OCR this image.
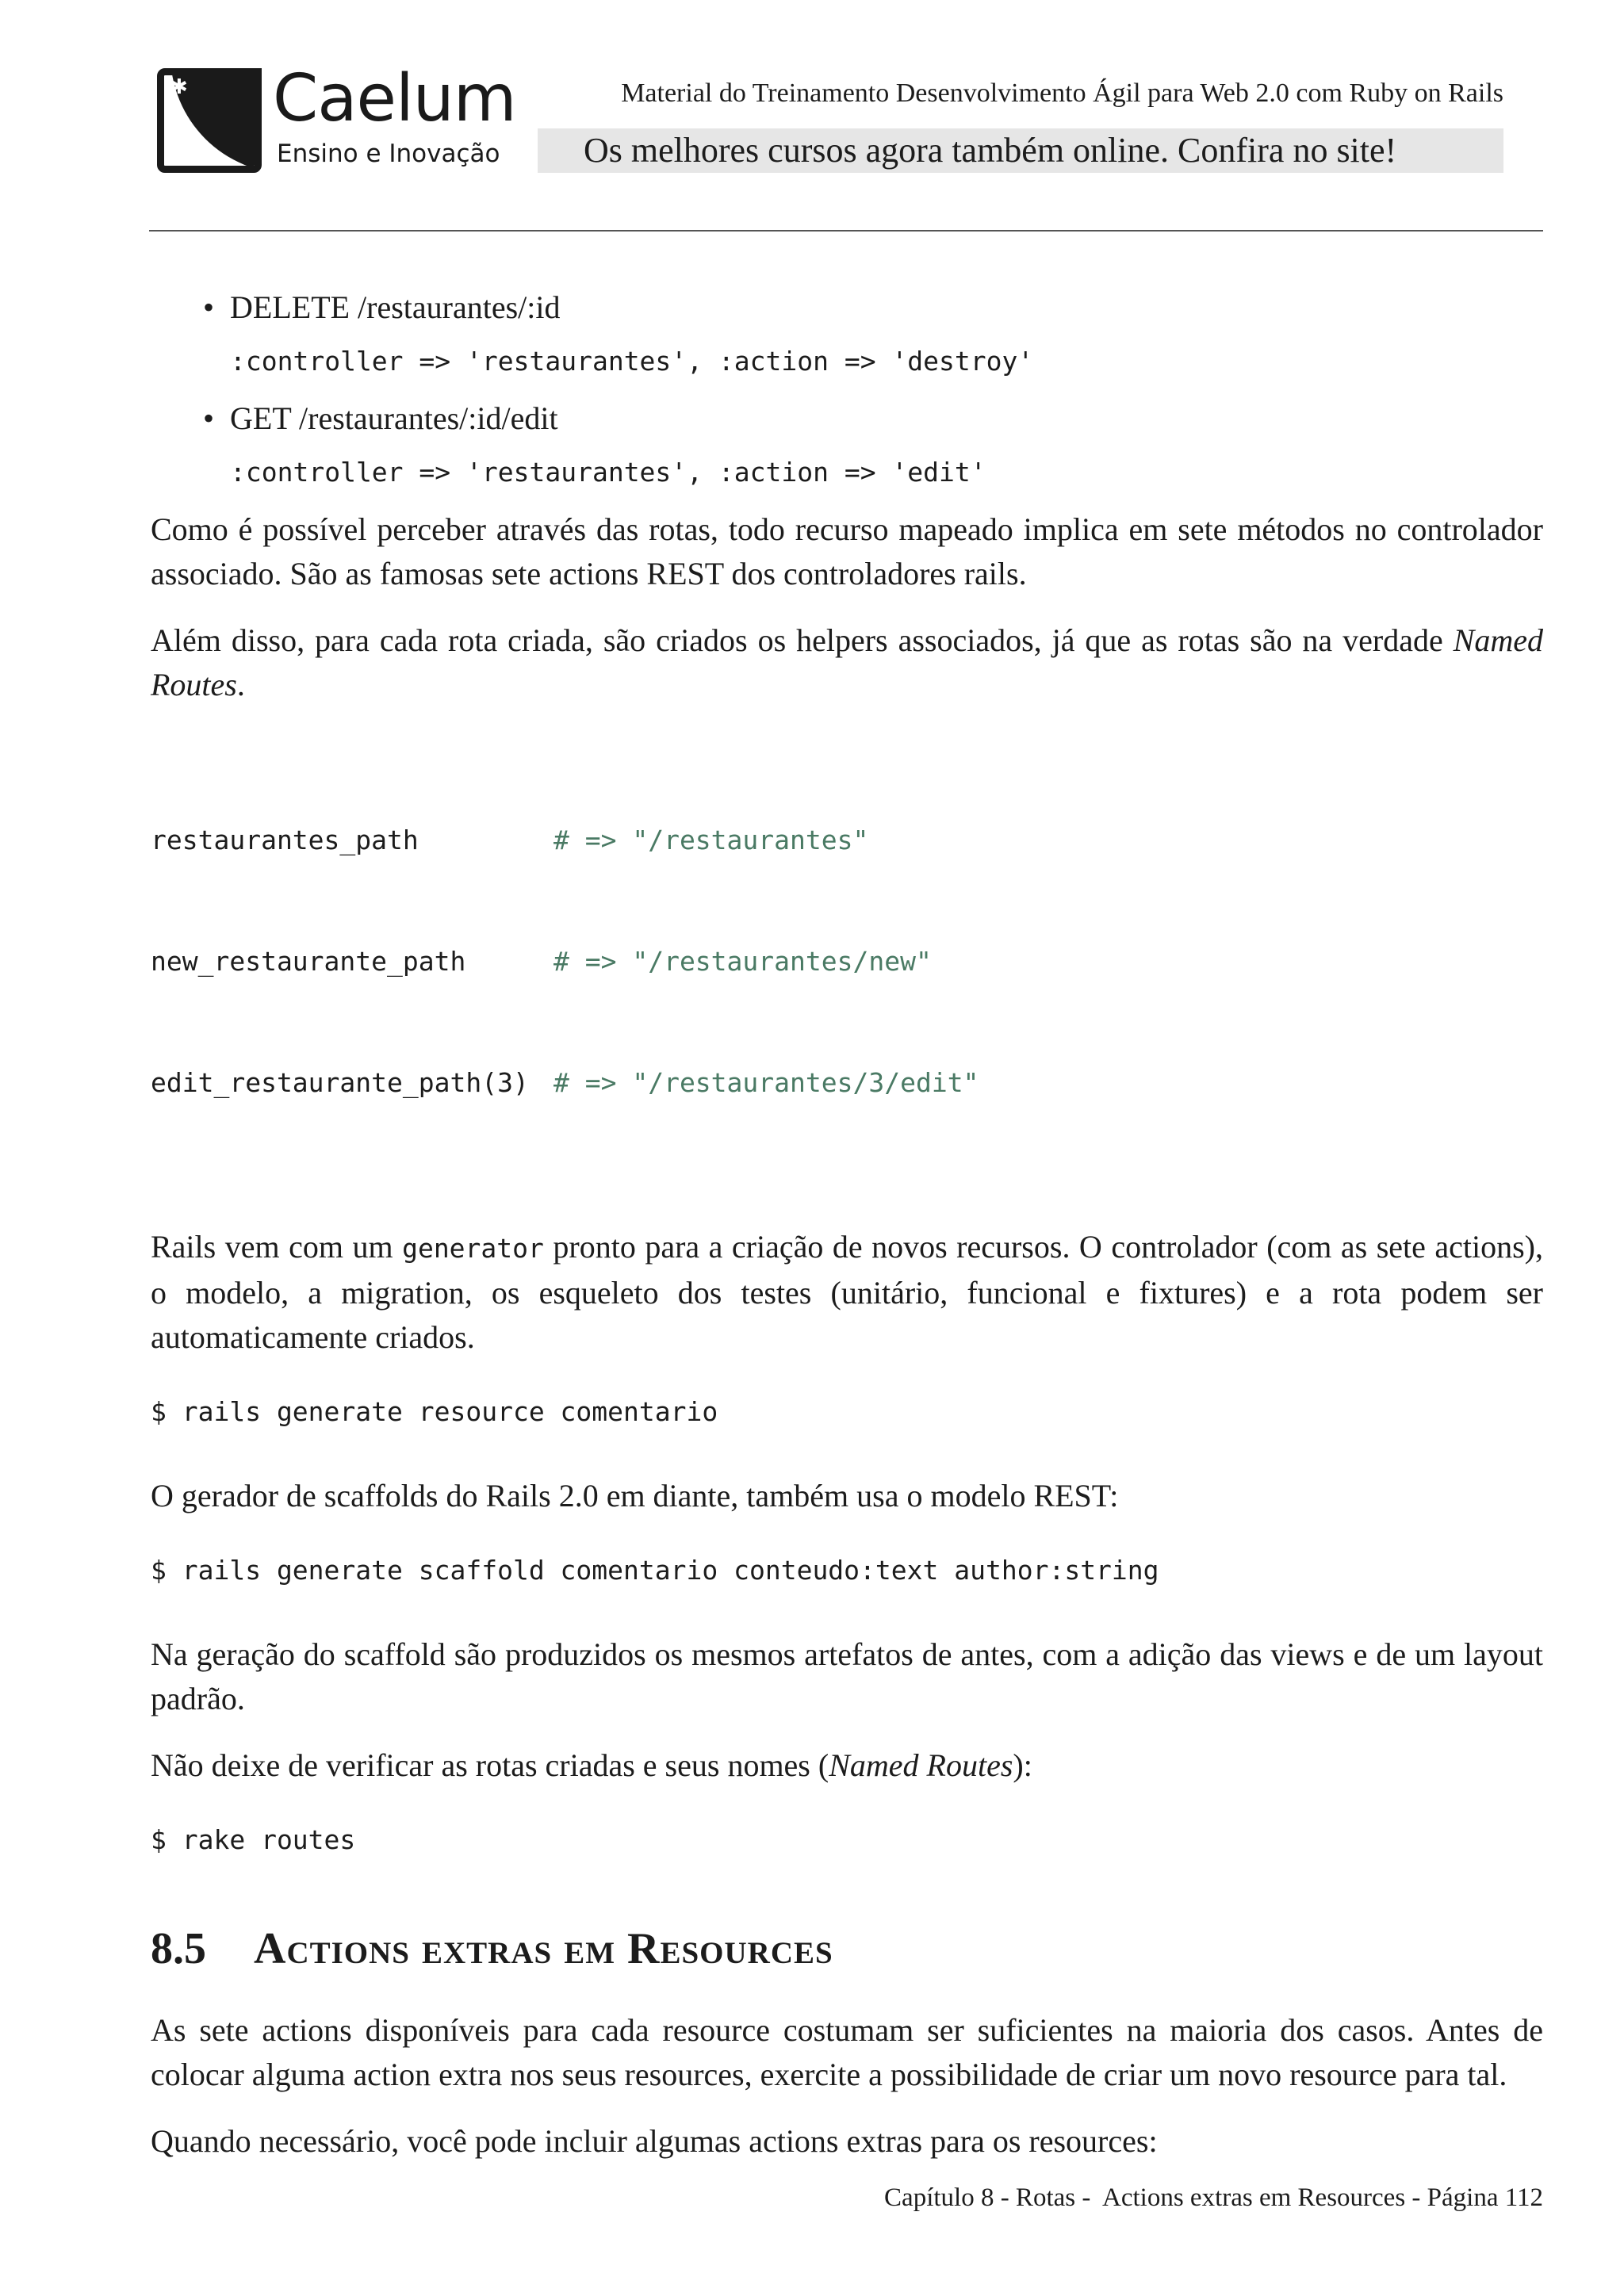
✱ Caelum
Ensino e Inovação
Material do Treinamento Desenvolvimento Ágil para Web 2.0 com Ruby on Rails
Os melhores cursos agora também online. Confira no site!

• DELETE /restaurantes/:id

:controller => 'restaurantes', :action => 'destroy'

• GET /restaurantes/:id/edit

:controller => 'restaurantes', :action => 'edit'

Como é possível perceber através das rotas, todo recurso mapeado implica em sete métodos no controlador associado. São as famosas sete actions REST dos controladores rails.

Além disso, para cada rota criada, são criados os helpers associados, já que as rotas são na verdade Named Routes.

restaurantes_path	# => "/restaurantes"

new_restaurante_path	# => "/restaurantes/new"

edit_restaurante_path(3) # => "/restaurantes/3/edit"

Rails vem com um generator pronto para a criação de novos recursos. O controlador (com as sete actions), o modelo, a migration, os esqueleto dos testes (unitário, funcional e fixtures) e a rota podem ser automaticamente criados.

$ rails generate resource comentario

O gerador de scaffolds do Rails 2.0 em diante, também usa o modelo REST:

$ rails generate scaffold comentario conteudo:text author:string

Na geração do scaffold são produzidos os mesmos artefatos de antes, com a adição das views e de um layout padrão.

Não deixe de verificar as rotas criadas e seus nomes (Named Routes):

$ rake routes
8.5 Actions extras em Resources

As sete actions disponíveis para cada resource costumam ser suficientes na maioria dos casos. Antes de colocar alguma action extra nos seus resources, exercite a possibilidade de criar um novo resource para tal.

Quando necessário, você pode incluir algumas actions extras para os resources:

Capítulo 8 - Rotas -  Actions extras em Resources - Página 112
